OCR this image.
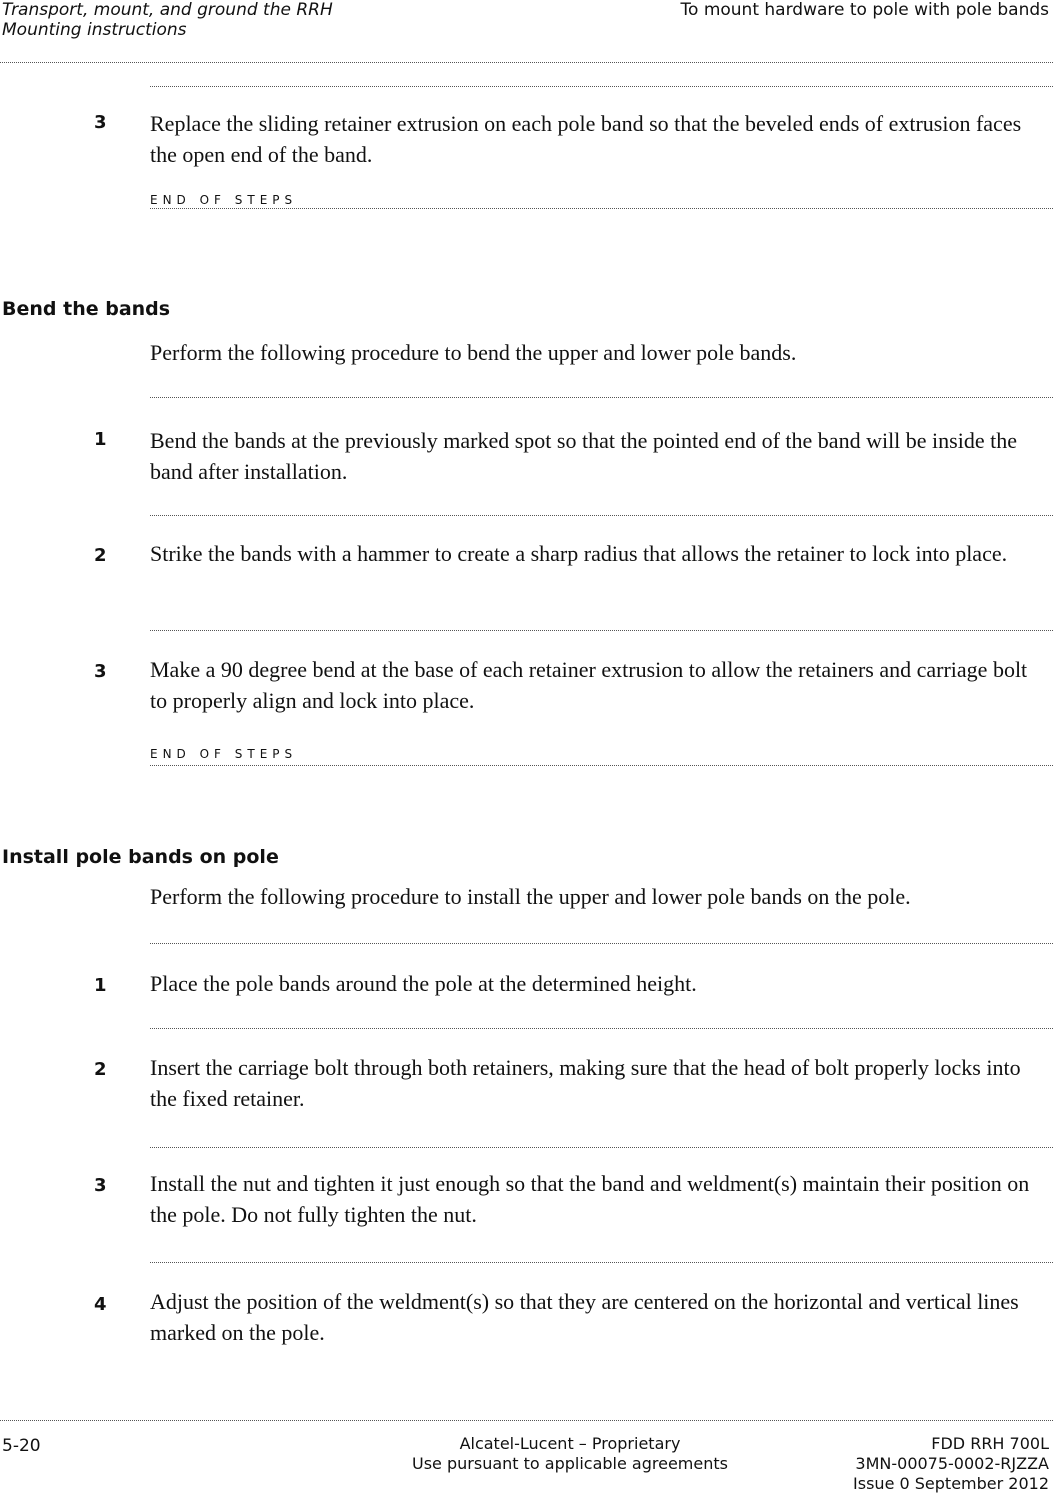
Transport, mount, and ground the RRH
Mounting instructions
To mount hardware to pole with pole bands
3 Replace the sliding retainer extrusion on each pole band so that the beveled ends of extrusion faces the open end of the band.
END OF STEPS
Bend the bands
Perform the following procedure to bend the upper and lower pole bands.
1 Bend the bands at the previously marked spot so that the pointed end of the band will be inside the band after installation.
2 Strike the bands with a hammer to create a sharp radius that allows the retainer to lock into place.
3 Make a 90 degree bend at the base of each retainer extrusion to allow the retainers and carriage bolt to properly align and lock into place.
END OF STEPS
Install pole bands on pole
Perform the following procedure to install the upper and lower pole bands on the pole.
1 Place the pole bands around the pole at the determined height.
2 Insert the carriage bolt through both retainers, making sure that the head of bolt properly locks into the fixed retainer.
3 Install the nut and tighten it just enough so that the band and weldment(s) maintain their position on the pole. Do not fully tighten the nut.
4 Adjust the position of the weldment(s) so that they are centered on the horizontal and vertical lines marked on the pole.
5-20	Alcatel-Lucent – Proprietary
Use pursuant to applicable agreements
FDD RRH 700L
3MN-00075-0002-RJZZA
Issue 0 September 2012
